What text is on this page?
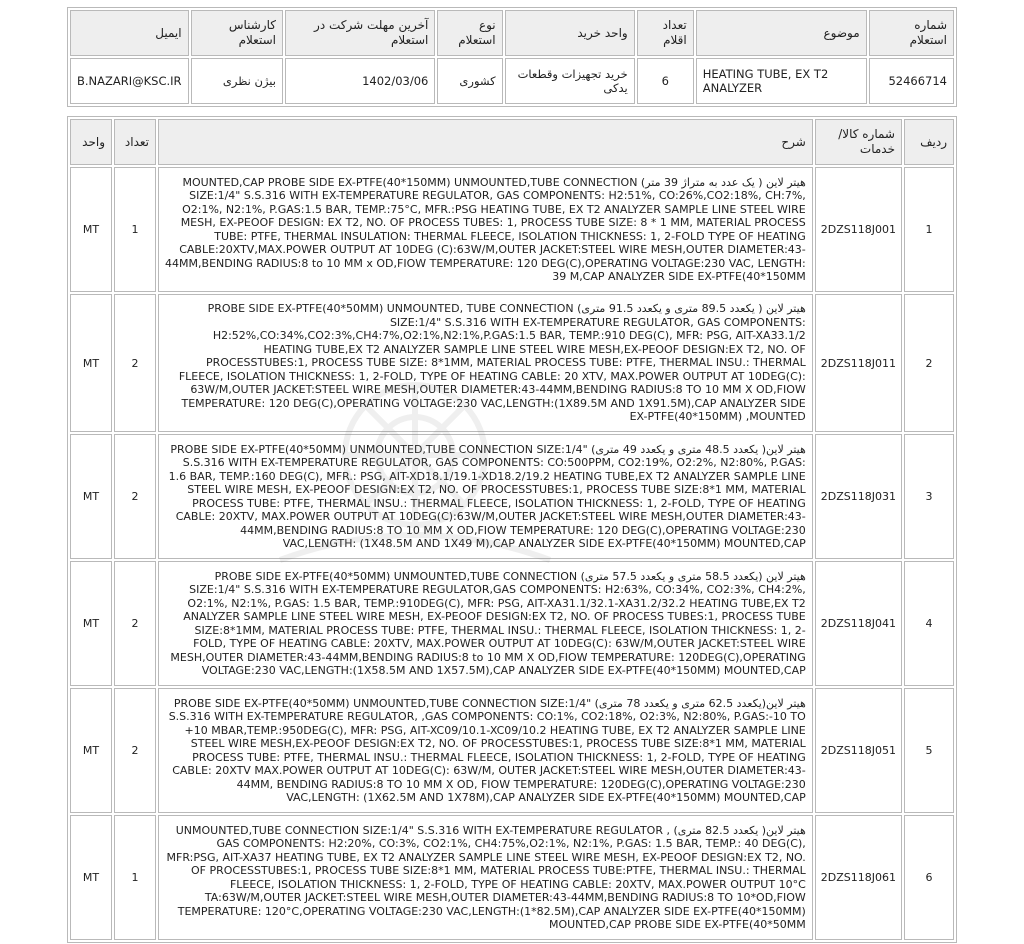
شماره استعلام	موضوع	تعداد اقلام	واحد خرید	نوع استعلام	آخرین مهلت شرکت در استعلام	کارشناس استعلام	ایمیل
52466714	HEATING TUBE, EX T2 ANALYZER	6	خرید تجهیزات وقطعات یدکی	کشوری	1402/03/06	بیژن نظری	B.NAZARI@KSC.IR
ردیف	شماره کالا/خدمات	شرح	تعداد	واحد
1	2DZS118J001	هیتر لاین ( یک عدد به متراژ 39 متر) MOUNTED,CAP PROBE SIDE EX-PTFE(40*150MM) UNMOUNTED,TUBE CONNECTION SIZE:1/4" S.S.316 WITH EX-TEMPERATURE REGULATOR, GAS COMPONENTS: H2:51%, CO:26%,CO2:18%, CH:7%, O2:1%, N2:1%, P.GAS:1.5 BAR, TEMP.:75°C, MFR.:PSG HEATING TUBE, EX T2 ANALYZER SAMPLE LINE STEEL WIRE MESH, EX-PEOOF DESIGN: EX T2, NO. OF PROCESS TUBES: 1, PROCESS TUBE SIZE: 8 * 1 MM, MATERIAL PROCESS TUBE: PTFE, THERMAL INSULATION: THERMAL FLEECE, ISOLATION THICKNESS: 1, 2-FOLD TYPE OF HEATING CABLE:20XTV,MAX.POWER OUTPUT AT 10DEG (C):63W/M,OUTER JACKET:STEEL WIRE MESH,OUTER DIAMETER:43-44MM,BENDING RADIUS:8 to 10 MM x OD,FIOW TEMPERATURE: 120 DEG(C),OPERATING VOLTAGE:230 VAC, LENGTH: 39 M,CAP ANALYZER SIDE EX-PTFE(40*150MM	1	MT
2	2DZS118J011	هیتر لاین ( یکعدد 89.5 متری و یکعدد 91.5 متری) PROBE SIDE EX-PTFE(40*50MM) UNMOUNTED, TUBE CONNECTION SIZE:1/4" S.S.316 WITH EX-TEMPERATURE REGULATOR, GAS COMPONENTS: H2:52%,CO:34%,CO2:3%,CH4:7%,O2:1%,N2:1%,P.GAS:1.5 BAR, TEMP.:910 DEG(C), MFR: PSG, AIT-XA33.1/2 HEATING TUBE,EX T2 ANALYZER SAMPLE LINE STEEL WIRE MESH,EX-PEOOF DESIGN:EX T2, NO. OF PROCESSTUBES:1, PROCESS TUBE SIZE: 8*1MM, MATERIAL PROCESS TUBE: PTFE, THERMAL INSU.: THERMAL FLEECE, ISOLATION THICKNESS: 1, 2-FOLD, TYPE OF HEATING CABLE: 20 XTV, MAX.POWER OUTPUT AT 10DEG(C): 63W/M,OUTER JACKET:STEEL WIRE MESH,OUTER DIAMETER:43-44MM,BENDING RADIUS:8 TO 10 MM X OD,FIOW TEMPERATURE: 120 DEG(C),OPERATING VOLTAGE:230 VAC,LENGTH:(1X89.5M AND 1X91.5M),CAP ANALYZER SIDE EX-PTFE(40*150MM) ,MOUNTED	2	MT
3	2DZS118J031	هیتر لاین( یکعدد 48.5 متری و یکعدد 49 متری) PROBE SIDE EX-PTFE(40*50MM) UNMOUNTED,TUBE CONNECTION SIZE:1/4" S.S.316 WITH EX-TEMPERATURE REGULATOR, GAS COMPONENTS: CO:500PPM, CO2:19%, O2:2%, N2:80%, P.GAS: 1.6 BAR, TEMP.:160 DEG(C), MFR.: PSG, AIT-XD18.1/19.1-XD18.2/19.2 HEATING TUBE,EX T2 ANALYZER SAMPLE LINE STEEL WIRE MESH, EX-PEOOF DESIGN:EX T2, NO. OF PROCESSTUBES:1, PROCESS TUBE SIZE:8*1 MM, MATERIAL PROCESS TUBE: PTFE, THERMAL INSU.: THERMAL FLEECE, ISOLATION THICKNESS: 1, 2-FOLD, TYPE OF HEATING CABLE: 20XTV, MAX.POWER OUTPUT AT 10DEG(C):63W/M,OUTER JACKET:STEEL WIRE MESH,OUTER DIAMETER:43-44MM,BENDING RADIUS:8 TO 10 MM X OD,FIOW TEMPERATURE: 120 DEG(C),OPERATING VOLTAGE:230 VAC,LENGTH: (1X48.5M AND 1X49 M),CAP ANALYZER SIDE EX-PTFE(40*150MM) MOUNTED,CAP	2	MT
4	2DZS118J041	هیتر لاین (یکعدد 58.5 متری و یکعدد 57.5 متری) PROBE SIDE EX-PTFE(40*50MM) UNMOUNTED,TUBE CONNECTION SIZE:1/4" S.S.316 WITH EX-TEMPERATURE REGULATOR,GAS COMPONENTS: H2:63%, CO:34%, CO2:3%, CH4:2%, O2:1%, N2:1%, P.GAS: 1.5 BAR, TEMP.:910DEG(C), MFR: PSG, AIT-XA31.1/32.1-XA31.2/32.2 HEATING TUBE,EX T2 ANALYZER SAMPLE LINE STEEL WIRE MESH, EX-PEOOF DESIGN:EX T2, NO. OF PROCESS TUBES:1, PROCESS TUBE SIZE:8*1MM, MATERIAL PROCESS TUBE: PTFE, THERMAL INSU.: THERMAL FLEECE, ISOLATION THICKNESS: 1, 2-FOLD, TYPE OF HEATING CABLE: 20XTV, MAX.POWER OUTPUT AT 10DEG(C): 63W/M,OUTER JACKET:STEEL WIRE MESH,OUTER DIAMETER:43-44MM,BENDING RADIUS:8 to 10 MM X OD,FIOW TEMPERATURE: 120DEG(C),OPERATING VOLTAGE:230 VAC,LENGTH:(1X58.5M AND 1X57.5M),CAP ANALYZER SIDE EX-PTFE(40*150MM) MOUNTED,CAP	2	MT
5	2DZS118J051	هیتر لاین(یکعدد 62.5 متری و یکعدد 78 متری) PROBE SIDE EX-PTFE(40*50MM) UNMOUNTED,TUBE CONNECTION SIZE:1/4" S.S.316 WITH EX-TEMPERATURE REGULATOR, ,GAS COMPONENTS: CO:1%, CO2:18%, O2:3%, N2:80%, P.GAS:-10 TO +10 MBAR,TEMP.:950DEG(C), MFR: PSG, AIT-XC09/10.1-XC09/10.2 HEATING TUBE, EX T2 ANALYZER SAMPLE LINE STEEL WIRE MESH,EX-PEOOF DESIGN:EX T2, NO. OF PROCESSTUBES:1, PROCESS TUBE SIZE:8*1 MM, MATERIAL PROCESS TUBE: PTFE, THERMAL INSU.: THERMAL FLEECE, ISOLATION THICKNESS: 1, 2-FOLD, TYPE OF HEATING CABLE: 20XTV MAX.POWER OUTPUT AT 10DEG(C): 63W/M, OUTER JACKET:STEEL WIRE MESH,OUTER DIAMETER:43-44MM, BENDING RADIUS:8 TO 10 MM X OD, FIOW TEMPERATURE: 120DEG(C),OPERATING VOLTAGE:230 VAC,LENGTH: (1X62.5M AND 1X78M),CAP ANALYZER SIDE EX-PTFE(40*150MM) MOUNTED,CAP	2	MT
6	2DZS118J061	هیتر لاین( یکعدد 82.5 متری) , UNMOUNTED,TUBE CONNECTION SIZE:1/4" S.S.316 WITH EX-TEMPERATURE REGULATOR GAS COMPONENTS: H2:20%, CO:3%, CO2:1%, CH4:75%,O2:1%, N2:1%, P.GAS: 1.5 BAR, TEMP.: 40 DEG(C), MFR:PSG, AIT-XA37 HEATING TUBE, EX T2 ANALYZER SAMPLE LINE STEEL WIRE MESH, EX-PEOOF DESIGN:EX T2, NO. OF PROCESSTUBES:1, PROCESS TUBE SIZE:8*1 MM, MATERIAL PROCESS TUBE:PTFE, THERMAL INSU.: THERMAL FLEECE, ISOLATION THICKNESS: 1, 2-FOLD, TYPE OF HEATING CABLE: 20XTV, MAX.POWER OUTPUT 10°C TA:63W/M,OUTER JACKET:STEEL WIRE MESH,OUTER DIAMETER:43-44MM,BENDING RADIUS:8 TO 10*OD,FIOW TEMPERATURE: 120°C,OPERATING VOLTAGE:230 VAC,LENGTH:(1*82.5M),CAP ANALYZER SIDE EX-PTFE(40*150MM) MOUNTED,CAP PROBE SIDE EX-PTFE(40*50MM	1	MT
